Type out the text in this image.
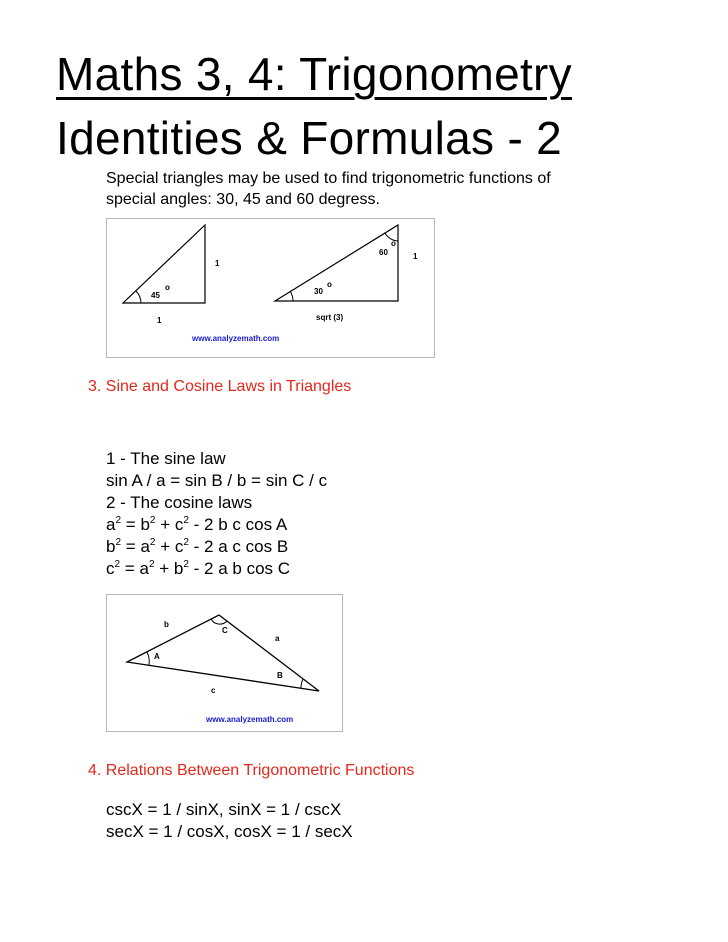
Maths 3, 4: Trigonometry
Identities & Formulas - 2
Special triangles may be used to find trigonometric functions of
special angles: 30, 45 and 60 degress.
45
o
1
1
30
o
60
o
1
sqrt (3)
www.analyzemath.com
3. Sine and Cosine Laws in Triangles
1 - The sine law
sin A / a = sin B / b = sin C / c
2 - The cosine laws
$a^2 = b^2 + c^2 - 2$ b c cos A
$b^2 = a^2 + c^2 - 2$ a c cos B
$c^2 = a^2 + b^2 - 2$ a b cos C
b
a
c
A
C
B
www.analyzemath.com
4. Relations Between Trigonometric Functions
cscX = 1 / sinX, sinX = 1 / cscX
secX = 1 / cosX, cosX = 1 / secX
